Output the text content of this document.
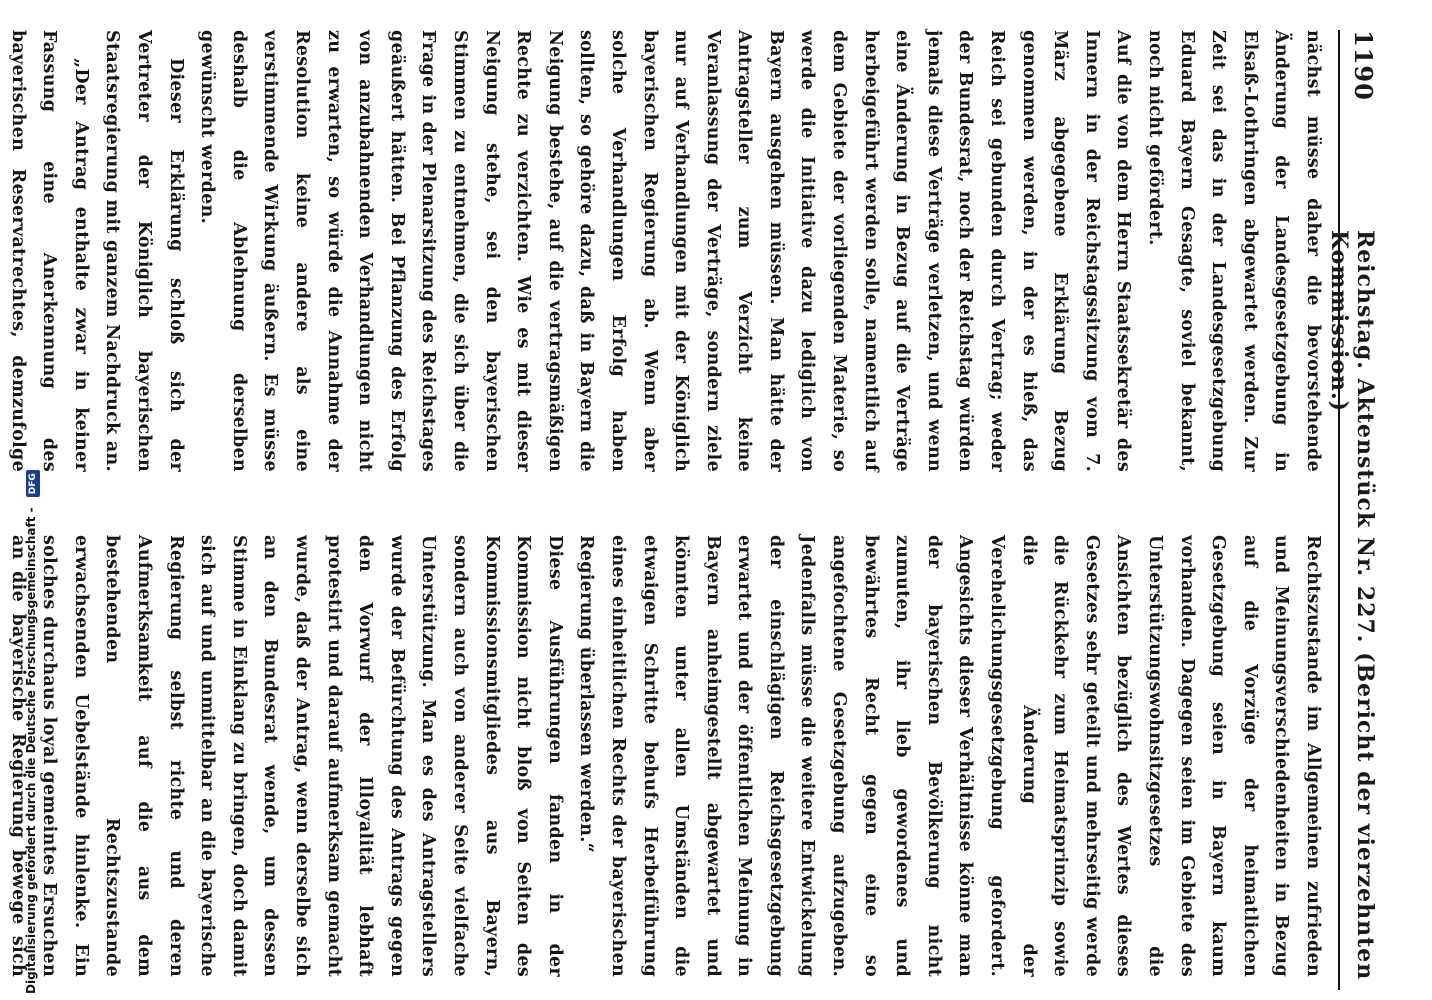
Digitalisierung gefördert durch die Deutsche Forschungsgemeinschaft - DFG
1190
Reichstag. Aktenstück Nr. 227. (Bericht der vierzehnten Kommission.)

nächst müsse daher die bevorstehende Änderung der Landesgesetzgebung in Elsaß-Lothringen abgewartet werden. Zur Zeit sei das in der Landesgesetzgebung Eduard Bayern Gesagte, soviel bekannt, noch nicht gefördert.

Auf die von dem Herrn Staatssekretär des Innern in der Reichstagssitzung vom 7. März abgegebene Erklärung Bezug genommen werden, in der es hieß, das Reich sei gebunden durch Vertrag; weder der Bundesrat, noch der Reichstag würden jemals diese Verträge verletzen, und wenn eine Änderung in Bezug auf die Verträge herbeigeführt werden solle, namentlich auf dem Gebiete der vorliegenden Materie, so werde die Initiative dazu lediglich von Bayern ausgehen müssen. Man hätte der Antragsteller zum Verzicht keine Veranlassung der Verträge, sondern ziele nur auf Verhandlungen mit der Königlich bayerischen Regierung ab. Wenn aber solche Verhandlungen Erfolg haben sollten, so gehöre dazu, daß in Bayern die Neigung bestehe, auf die vertragsmäßigen Rechte zu verzichten. Wie es mit dieser Neigung stehe, sei den bayerischen Stimmen zu entnehmen, die sich über die Frage in der Plenarsitzung des Reichstages geäußert hätten. Bei Pflanzung des Erfolg von anzubahnenden Verhandlungen nicht zu erwarten, so würde die Annahme der Resolution keine andere als eine verstimmende Wirkung äußern. Es müsse deshalb die Ablehnung derselben gewünscht werden.

Dieser Erklärung schloß sich der Vertreter der Königlich bayerischen Staatsregierung mit ganzem Nachdruck an.

„Der Antrag enthalte zwar in keiner Fassung eine Anerkennung des bayerischen Reservatrechtes, demzufolge

Rechtszustande im Allgemeinen zufrieden und Meinungsverschiedenheiten in Bezug auf die Vorzüge der heimatlichen Gesetzgebung seien in Bayern kaum vorhanden. Dagegen seien im Gebiete des Unterstützungswohnsitzgesetzes die Ansichten bezüglich des Wertes dieses Gesetzes sehr geteilt und mehrseitig werde die Rückkehr zum Heimatsprinzip sowie die Änderung der Verehelichungsgesetzgebung gefordert. Angesichts dieser Verhältnisse könne man der bayerischen Bevölkerung nicht zumuten, ihr lieb gewordenes und bewährtes Recht gegen eine so angefochtene Gesetzgebung aufzugeben. Jedenfalls müsse die weitere Entwickelung der einschlägigen Reichsgesetzgebung erwartet und der öffentlichen Meinung in Bayern anheimgestellt abgewartet und könnten unter allen Umständen die etwaigen Schritte behufs Herbeiführung eines einheitlichen Rechts der bayerischen Regierung überlassen werden.“

Diese Ausführungen fanden in der Kommission nicht bloß von Seiten des Kommissionsmitgliedes aus Bayern, sondern auch von anderer Seite vielfache Unterstützung. Man es des Antragstellers wurde der Befürchtung des Antrags gegen den Vorwurf der Illoyalität lebhaft protestirt und darauf aufmerksam gemacht wurde, daß der Antrag, wenn derselbe sich an den Bundesrat wende, um dessen Stimme in Einklang zu bringen, doch damit sich auf und unmittelbar an die bayerische Regierung selbst richte und deren Aufmerksamkeit auf die aus dem bestehenden Rechtszustande erwachsenden Uebelstände hinlenke. Ein solches durchaus loyal gemeintes Ersuchen an die bayerische Regierung bewege sich
